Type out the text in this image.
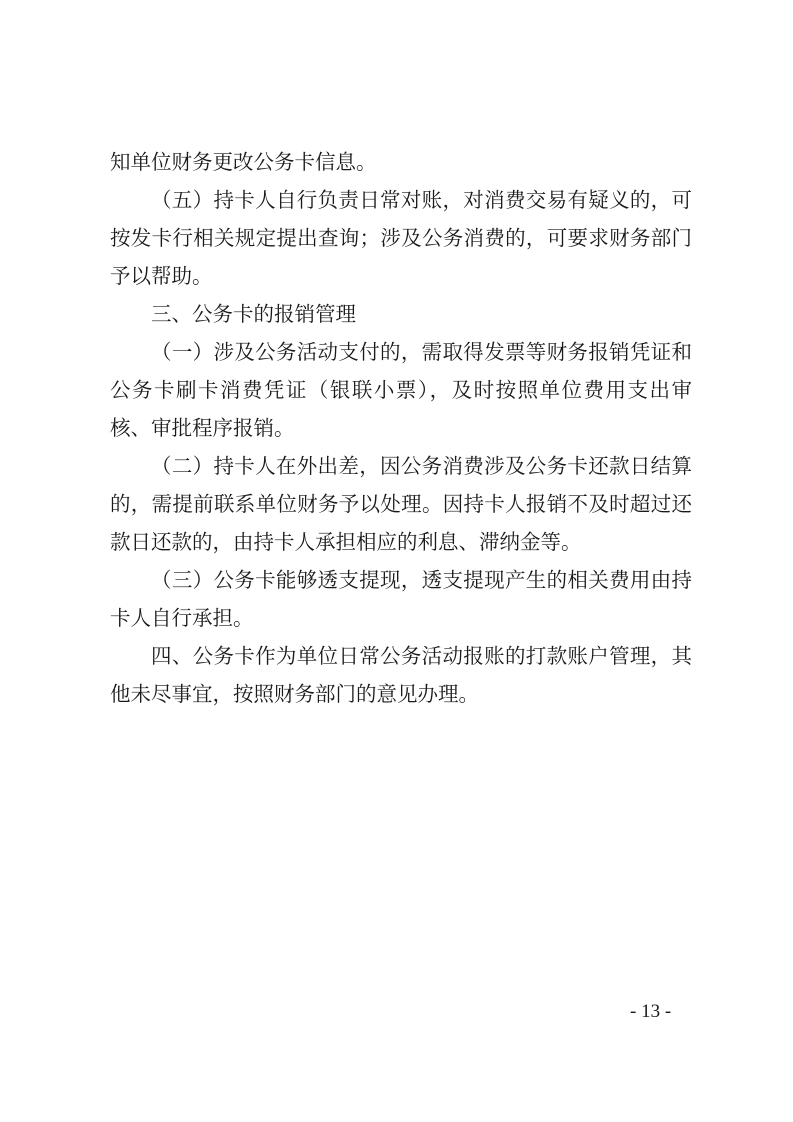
知单位财务更改公务卡信息。

（五）持卡人自行负责日常对账，对消费交易有疑义的，可按发卡行相关规定提出查询；涉及公务消费的，可要求财务部门予以帮助。

三、公务卡的报销管理

（一）涉及公务活动支付的，需取得发票等财务报销凭证和公务卡刷卡消费凭证（银联小票），及时按照单位费用支出审核、审批程序报销。

（二）持卡人在外出差，因公务消费涉及公务卡还款日结算的，需提前联系单位财务予以处理。因持卡人报销不及时超过还款日还款的，由持卡人承担相应的利息、滞纳金等。

（三）公务卡能够透支提现，透支提现产生的相关费用由持卡人自行承担。

四、公务卡作为单位日常公务活动报账的打款账户管理，其他未尽事宜，按照财务部门的意见办理。

- 13 -
